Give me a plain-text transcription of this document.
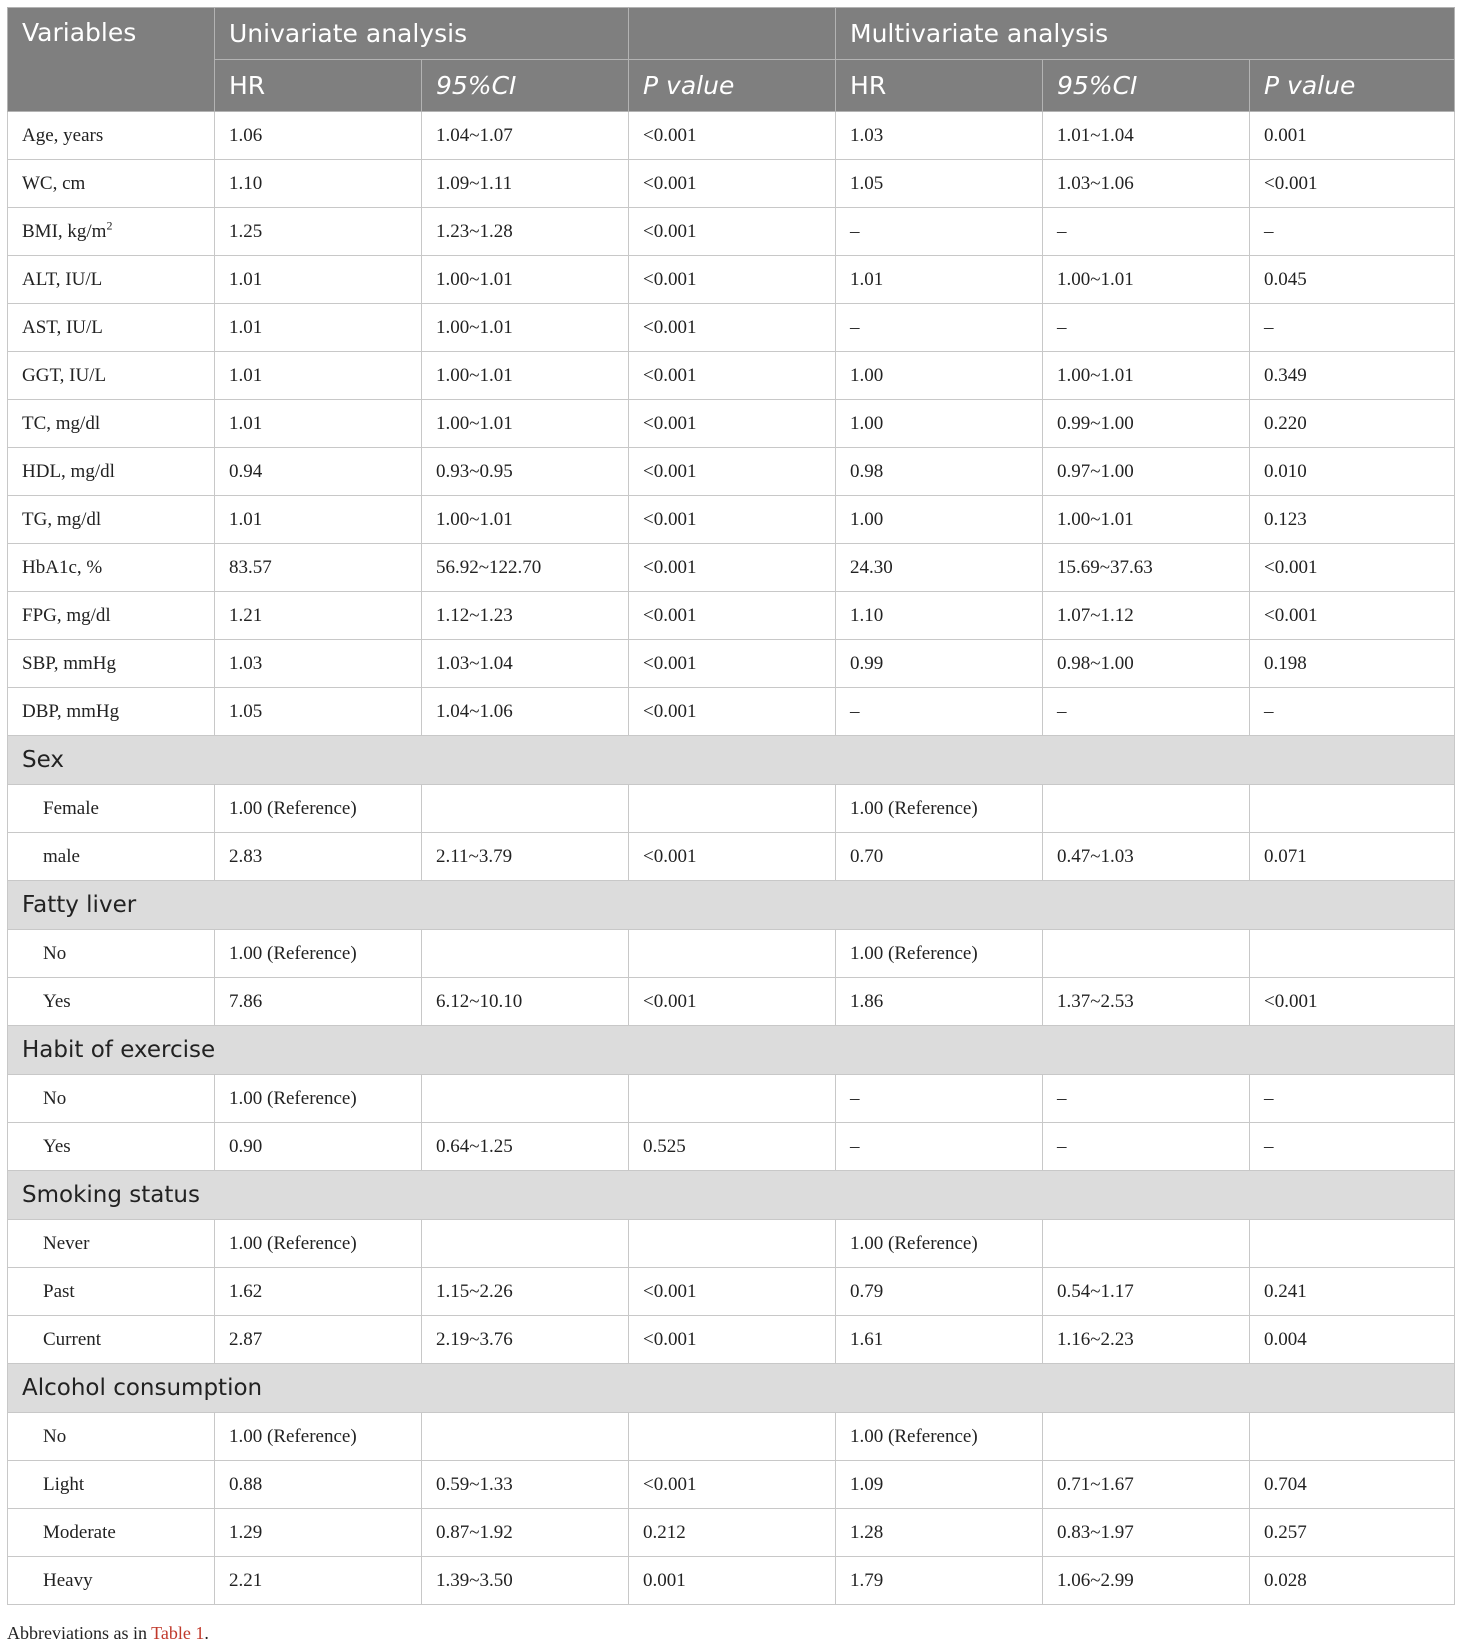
Variables	Univariate analysis			Multivariate analysis		
	HR	95%CI	P value	HR	95%CI	P value
Age, years	1.06	1.04~1.07	<0.001	1.03	1.01~1.04	0.001
WC, cm	1.10	1.09~1.11	<0.001	1.05	1.03~1.06	<0.001
BMI, $kg/m^2$	1.25	1.23~1.28	<0.001	–	–	–
ALT, IU/L	1.01	1.00~1.01	<0.001	1.01	1.00~1.01	0.045
AST, IU/L	1.01	1.00~1.01	<0.001	–	–	–
GGT, IU/L	1.01	1.00~1.01	<0.001	1.00	1.00~1.01	0.349
TC, mg/dl	1.01	1.00~1.01	<0.001	1.00	0.99~1.00	0.220
HDL, mg/dl	0.94	0.93~0.95	<0.001	0.98	0.97~1.00	0.010
TG, mg/dl	1.01	1.00~1.01	<0.001	1.00	1.00~1.01	0.123
HbA1c, %	83.57	56.92~122.70	<0.001	24.30	15.69~37.63	<0.001
FPG, mg/dl	1.21	1.12~1.23	<0.001	1.10	1.07~1.12	<0.001
SBP, mmHg	1.03	1.03~1.04	<0.001	0.99	0.98~1.00	0.198
DBP, mmHg	1.05	1.04~1.06	<0.001	–	–	–
Sex						
Female	1.00 (Reference)			1.00 (Reference)		
male	2.83	2.11~3.79	<0.001	0.70	0.47~1.03	0.071
Fatty liver						
No	1.00 (Reference)			1.00 (Reference)		
Yes	7.86	6.12~10.10	<0.001	1.86	1.37~2.53	<0.001
Habit of exercise						
No	1.00 (Reference)			–	–	–
Yes	0.90	0.64~1.25	0.525	–	–	–
Smoking status						
Never	1.00 (Reference)			1.00 (Reference)		
Past	1.62	1.15~2.26	<0.001	0.79	0.54~1.17	0.241
Current	2.87	2.19~3.76	<0.001	1.61	1.16~2.23	0.004
Alcohol consumption						
No	1.00 (Reference)			1.00 (Reference)		
Light	0.88	0.59~1.33	<0.001	1.09	0.71~1.67	0.704
Moderate	1.29	0.87~1.92	0.212	1.28	0.83~1.97	0.257
Heavy	2.21	1.39~3.50	0.001	1.79	1.06~2.99	0.028
Abbreviations as in Table 1.
